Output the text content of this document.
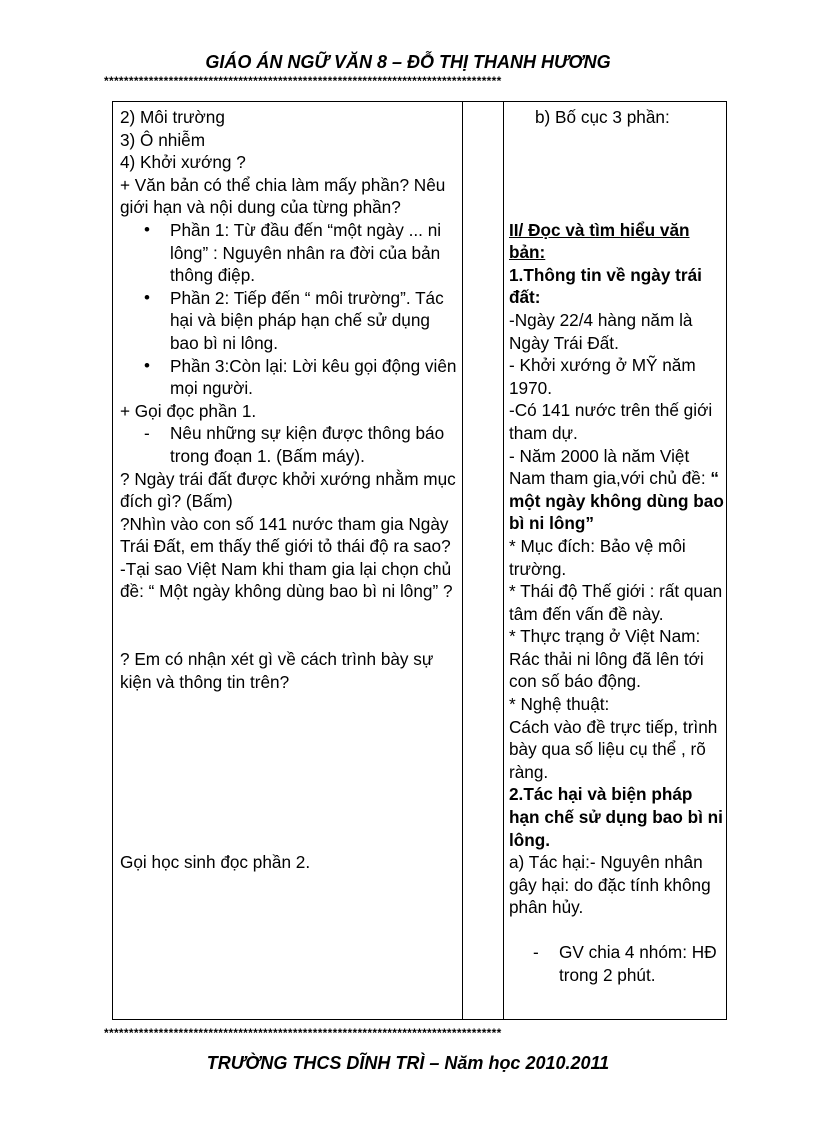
GIÁO ÁN NGỮ VĂN 8 – ĐỖ THỊ THANH HƯƠNG
********************************************************************************

2) Môi trường

3) Ô nhiễm

4) Khởi xướng ?

+ Văn bản có thể chia làm mấy phần? Nêu giới hạn và nội dung của từng phần?

• Phần 1: Từ đầu đến “một ngày ... ni lông” : Nguyên nhân ra đời của bản thông điệp.
• Phần 2: Tiếp đến “ môi trường”. Tác hại và biện pháp hạn chế sử dụng bao bì ni lông.
• Phần 3:Còn lại: Lời kêu gọi động viên mọi người.

+ Gọi đọc phần 1.

- Nêu những sự kiện được thông báo trong đoạn 1. (Bấm máy).

? Ngày trái đất được khởi xướng nhằm mục đích gì? (Bấm)

?Nhìn vào con số 141 nước tham gia Ngày Trái Đất, em thấy thế giới tỏ thái độ ra sao?

-Tại sao Việt Nam khi tham gia lại chọn chủ đề: “ Một ngày không dùng bao bì ni lông” ?

? Em có nhận xét gì về cách trình bày sự kiện và thông tin trên?

Gọi học sinh đọc phần 2.

b) Bố cục 3 phần:

II/ Đọc và tìm hiểu văn bản:

1.Thông tin về ngày trái đất:

-Ngày 22/4 hàng năm là Ngày Trái Đất.

- Khởi xướng ở MỸ năm 1970.

-Có 141 nước trên thế giới tham dự.

- Năm 2000 là năm Việt Nam tham gia,với chủ đề: “ một ngày không dùng bao bì ni lông”

* Mục đích: Bảo vệ môi trường.

* Thái độ Thế giới : rất quan tâm đến vấn đề này.

* Thực trạng ở Việt Nam: Rác thải ni lông đã lên tới con số báo động.

* Nghệ thuật:

Cách vào đề trực tiếp, trình bày qua số liệu cụ thể , rõ ràng.

2.Tác hại và biện pháp hạn chế sử dụng bao bì ni lông.

a) Tác hại:- Nguyên nhân gây hại: do đặc tính không phân hủy.

- GV chia 4 nhóm: HĐ trong 2 phút.
********************************************************************************
TRƯỜNG THCS DĨNH TRÌ – Năm học 2010.2011
